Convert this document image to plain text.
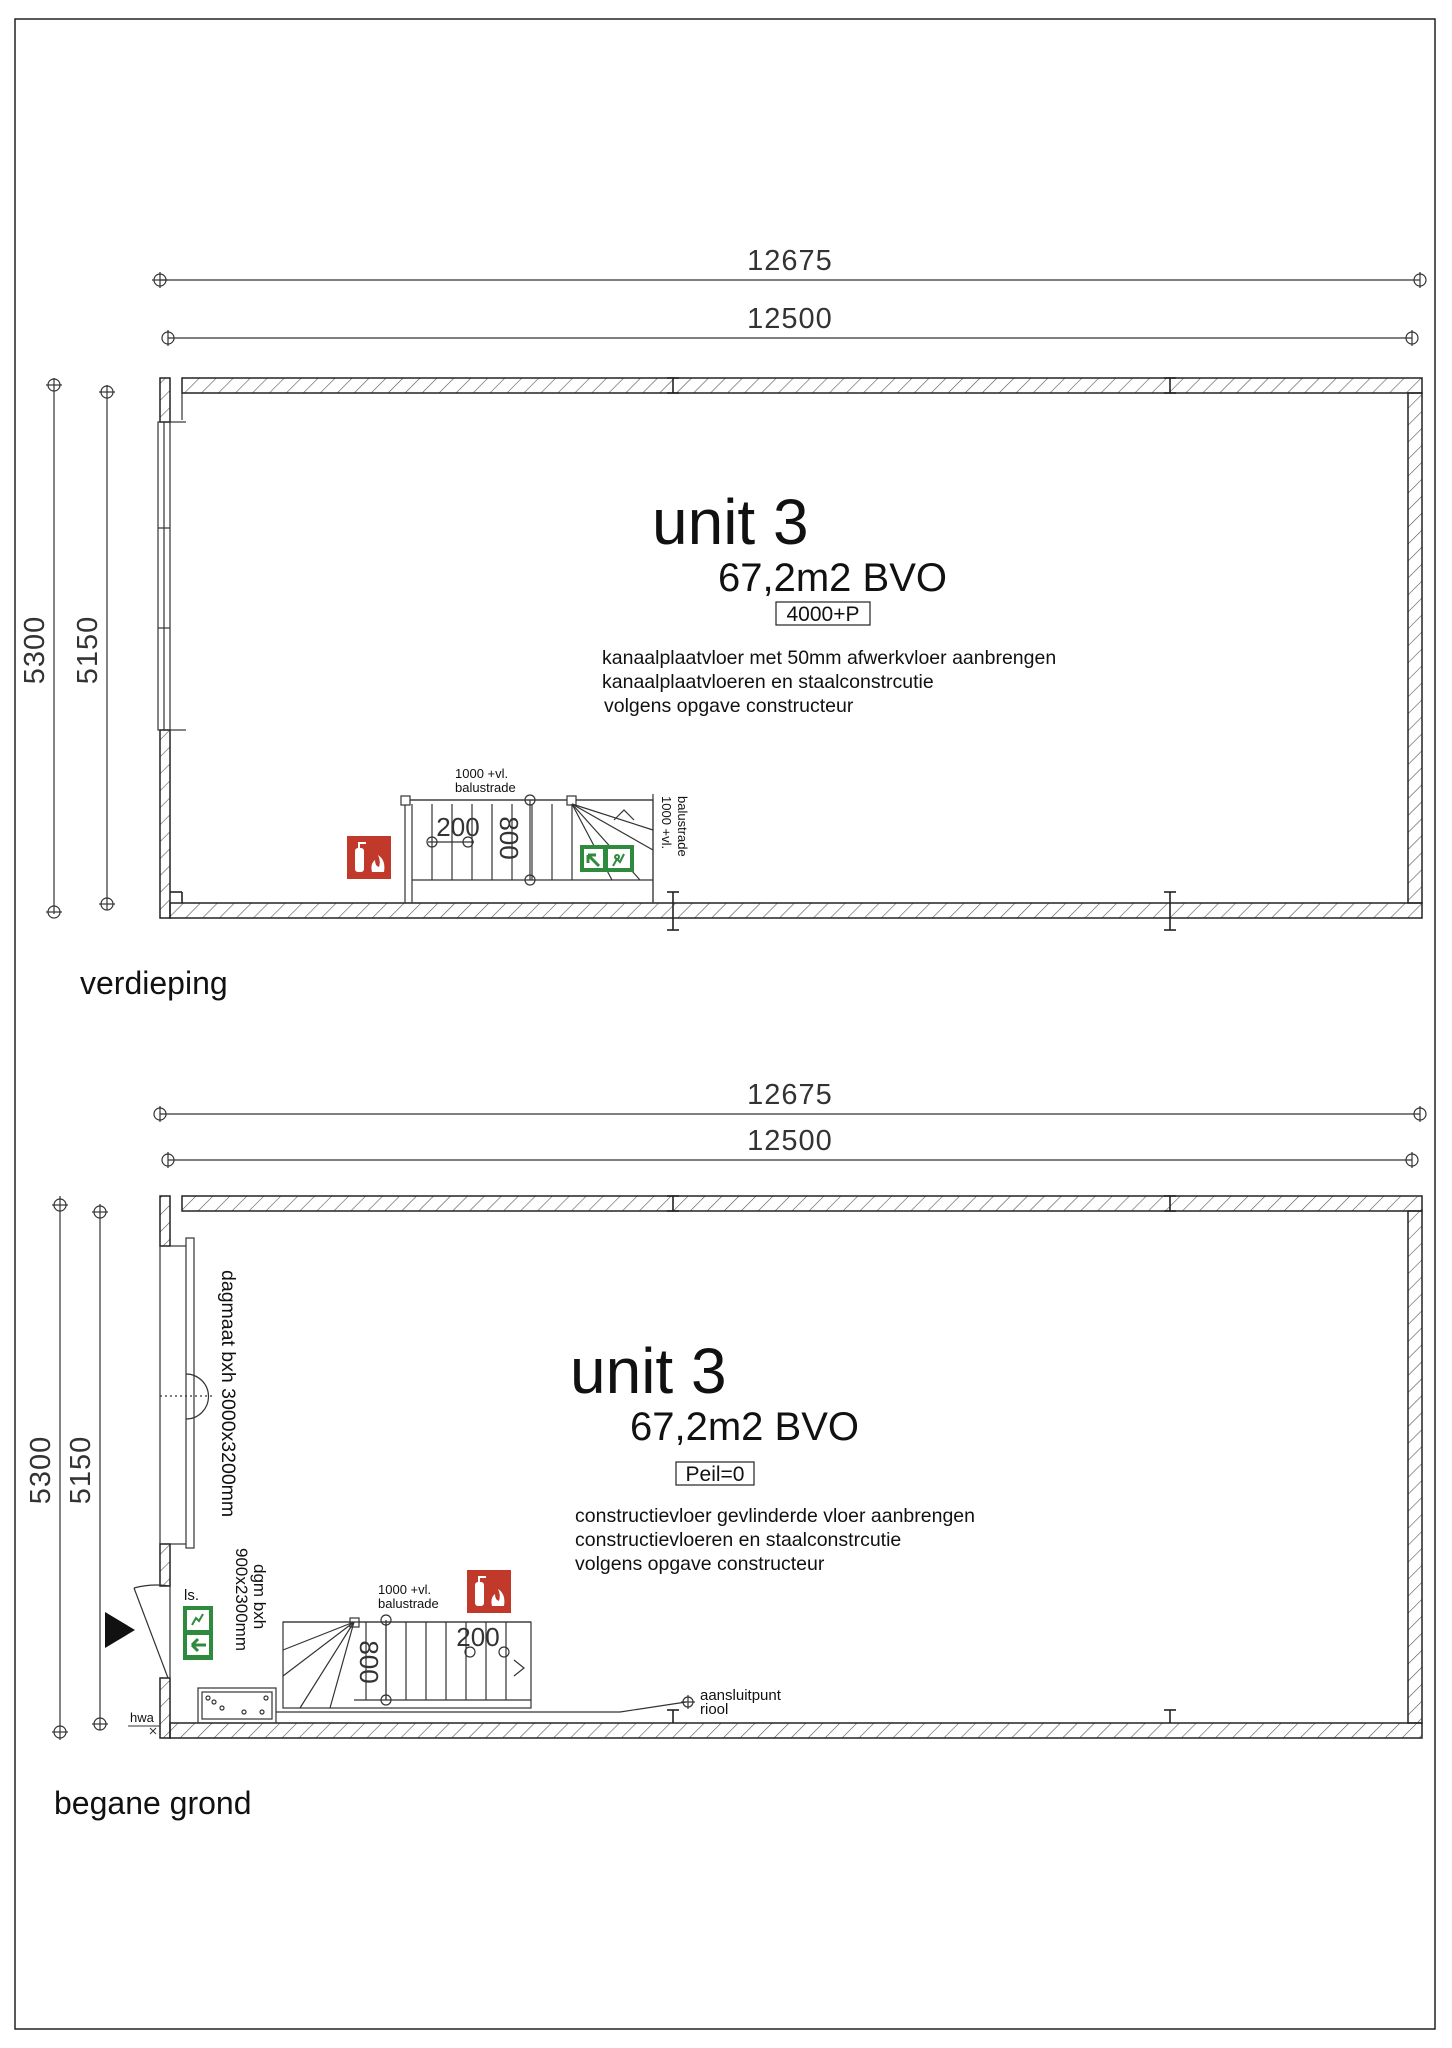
12675
12500
5300 5150
unit 3
67,2m2 BVO
4000+P
kanaalplaatvloer met 50mm afwerkvloer aanbrengen
kanaalplaatvloeren en staalconstrcutie
volgens opgave constructeur
200 800
1000 +vl.
balustrade
balustrade
1000 +vl.
verdieping
12675
12500
5300 5150	dagmaat bxh 3000x3200mm
dgm bxh
900x2300mm
ls.
hwa
200
800
1000 +vl.
balustrade
aansluitpunt
riool
unit 3
67,2m2 BVO
Peil=0
constructievloer gevlinderde vloer aanbrengen
constructievloeren en staalconstrcutie
volgens opgave constructeur
begane grond
